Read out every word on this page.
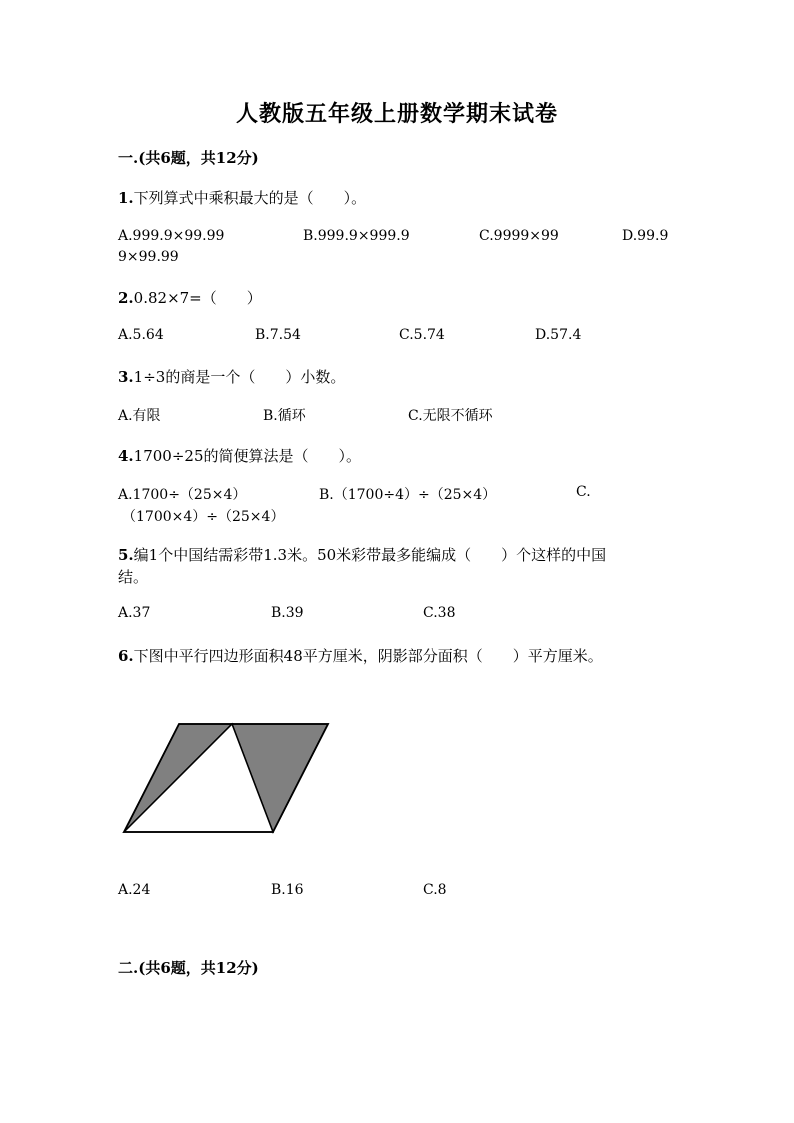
人教版五年级上册数学期末试卷
一.(共6题，共12分)
1.下列算式中乘积最大的是（　　）。
A.999.9×99.99	B.999.9×999.9	C.9999×99	D.99.9
9×99.99
2.0.82×7=（　　）
A.5.64	B.7.54	C.5.74	D.57.4
3.1÷3的商是一个（　　）小数。
A.有限	B.循环	C.无限不循环
4.1700÷25的简便算法是（　　）。
A.1700÷（25×4）	B.（1700÷4）÷（25×4）	C.
（1700×4）÷（25×4）
5.编1个中国结需彩带1.3米。50米彩带最多能编成（　　）个这样的中国
结。
A.37	B.39	C.38
6.下图中平行四边形面积48平方厘米，阴影部分面积（　　）平方厘米。
A.24	B.16	C.8
二.(共6题，共12分)
